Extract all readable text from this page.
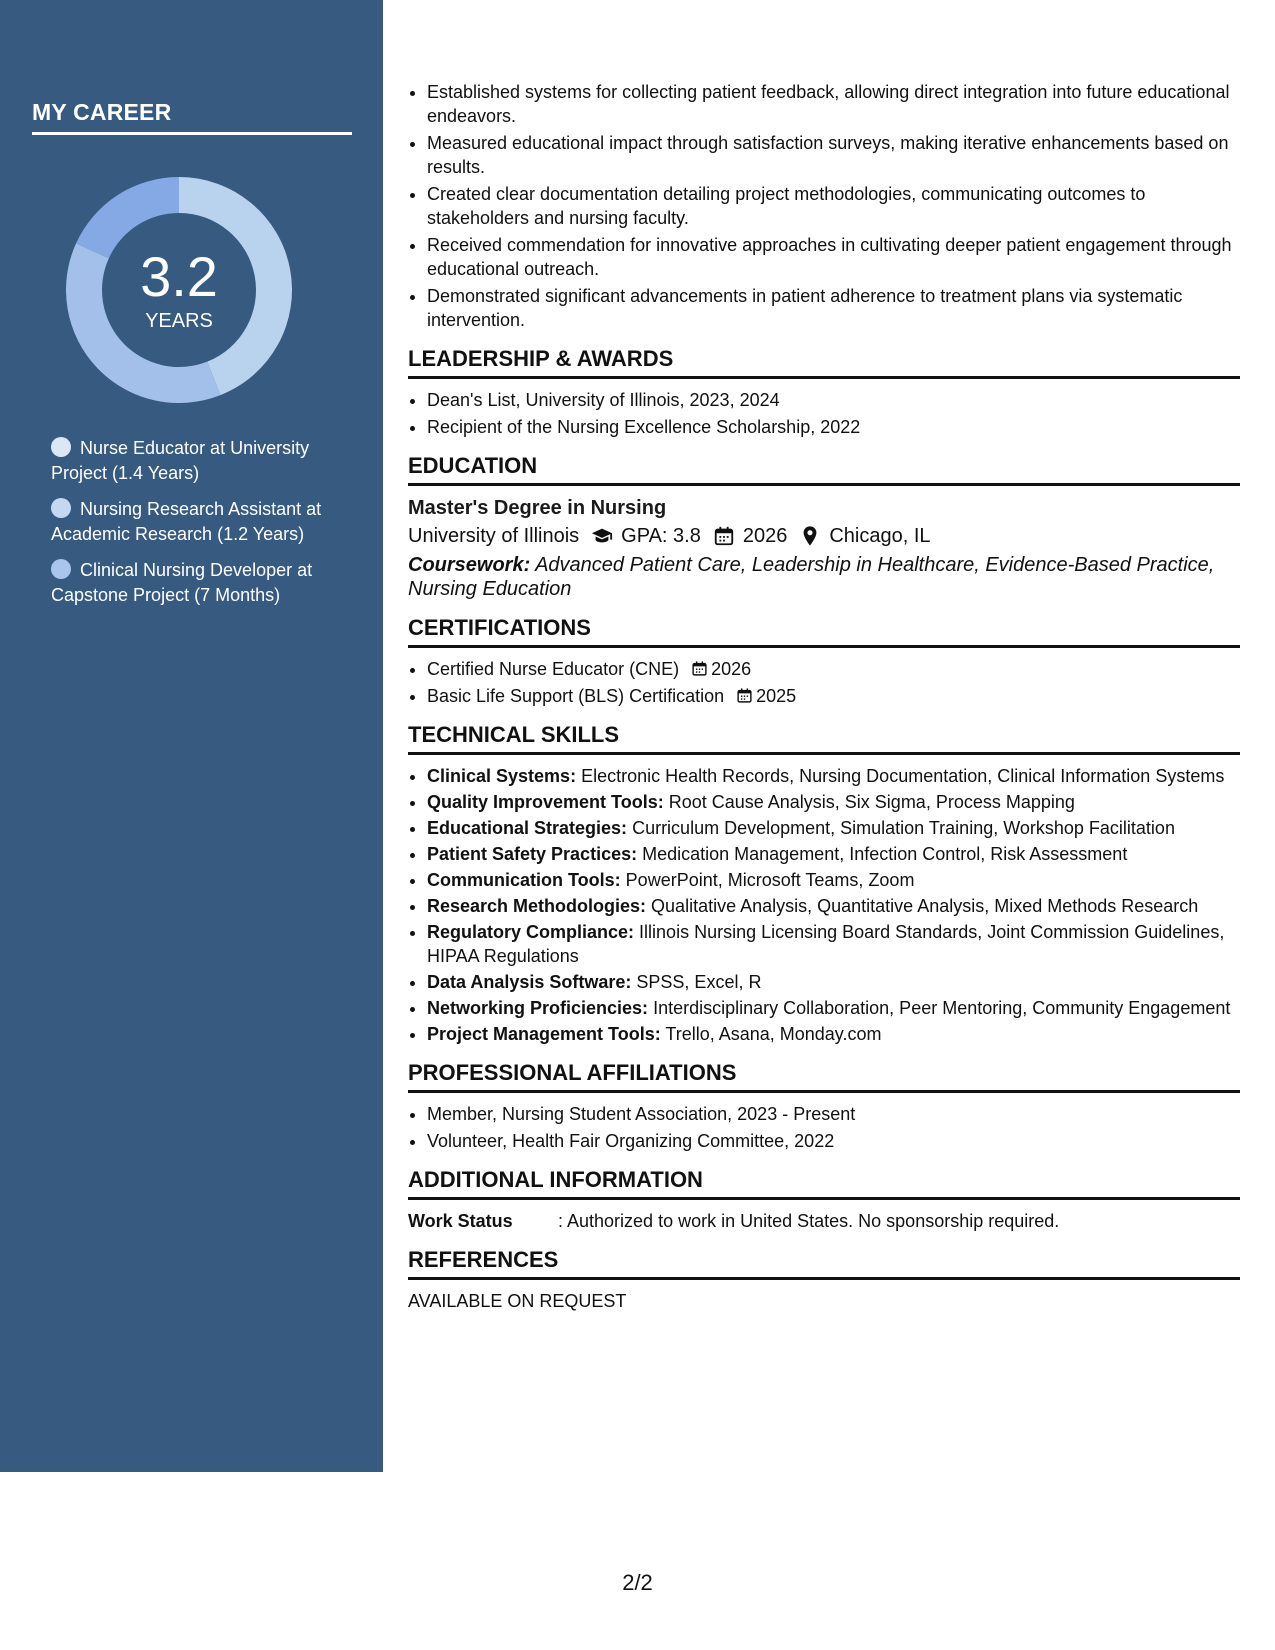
MY CAREER
3.2
YEARS
Nurse Educator at University Project (1.4 Years)
Nursing Research Assistant at Academic Research (1.2 Years)
Clinical Nursing Developer at Capstone Project (7 Months)
• Established systems for collecting patient feedback, allowing direct integration into future educational endeavors.
• Measured educational impact through satisfaction surveys, making iterative enhancements based on results.
• Created clear documentation detailing project methodologies, communicating outcomes to stakeholders and nursing faculty.
• Received commendation for innovative approaches in cultivating deeper patient engagement through educational outreach.
• Demonstrated significant advancements in patient adherence to treatment plans via systematic intervention.
LEADERSHIP & AWARDS
• Dean's List, University of Illinois, 2023, 2024
• Recipient of the Nursing Excellence Scholarship, 2022
EDUCATION
Master's Degree in Nursing
University of Illinois GPA: 3.8 2026 Chicago, IL
Coursework: Advanced Patient Care, Leadership in Healthcare, Evidence-Based Practice, Nursing Education
CERTIFICATIONS
• Certified Nurse Educator (CNE) 2026
• Basic Life Support (BLS) Certification 2025
TECHNICAL SKILLS
• Clinical Systems: Electronic Health Records, Nursing Documentation, Clinical Information Systems
• Quality Improvement Tools: Root Cause Analysis, Six Sigma, Process Mapping
• Educational Strategies: Curriculum Development, Simulation Training, Workshop Facilitation
• Patient Safety Practices: Medication Management, Infection Control, Risk Assessment
• Communication Tools: PowerPoint, Microsoft Teams, Zoom
• Research Methodologies: Qualitative Analysis, Quantitative Analysis, Mixed Methods Research
• Regulatory Compliance: Illinois Nursing Licensing Board Standards, Joint Commission Guidelines, HIPAA Regulations
• Data Analysis Software: SPSS, Excel, R
• Networking Proficiencies: Interdisciplinary Collaboration, Peer Mentoring, Community Engagement
• Project Management Tools: Trello, Asana, Monday.com
PROFESSIONAL AFFILIATIONS
• Member, Nursing Student Association, 2023 - Present
• Volunteer, Health Fair Organizing Committee, 2022
ADDITIONAL INFORMATION
Work Status	: Authorized to work in United States. No sponsorship required.
REFERENCES
AVAILABLE ON REQUEST
2/2
